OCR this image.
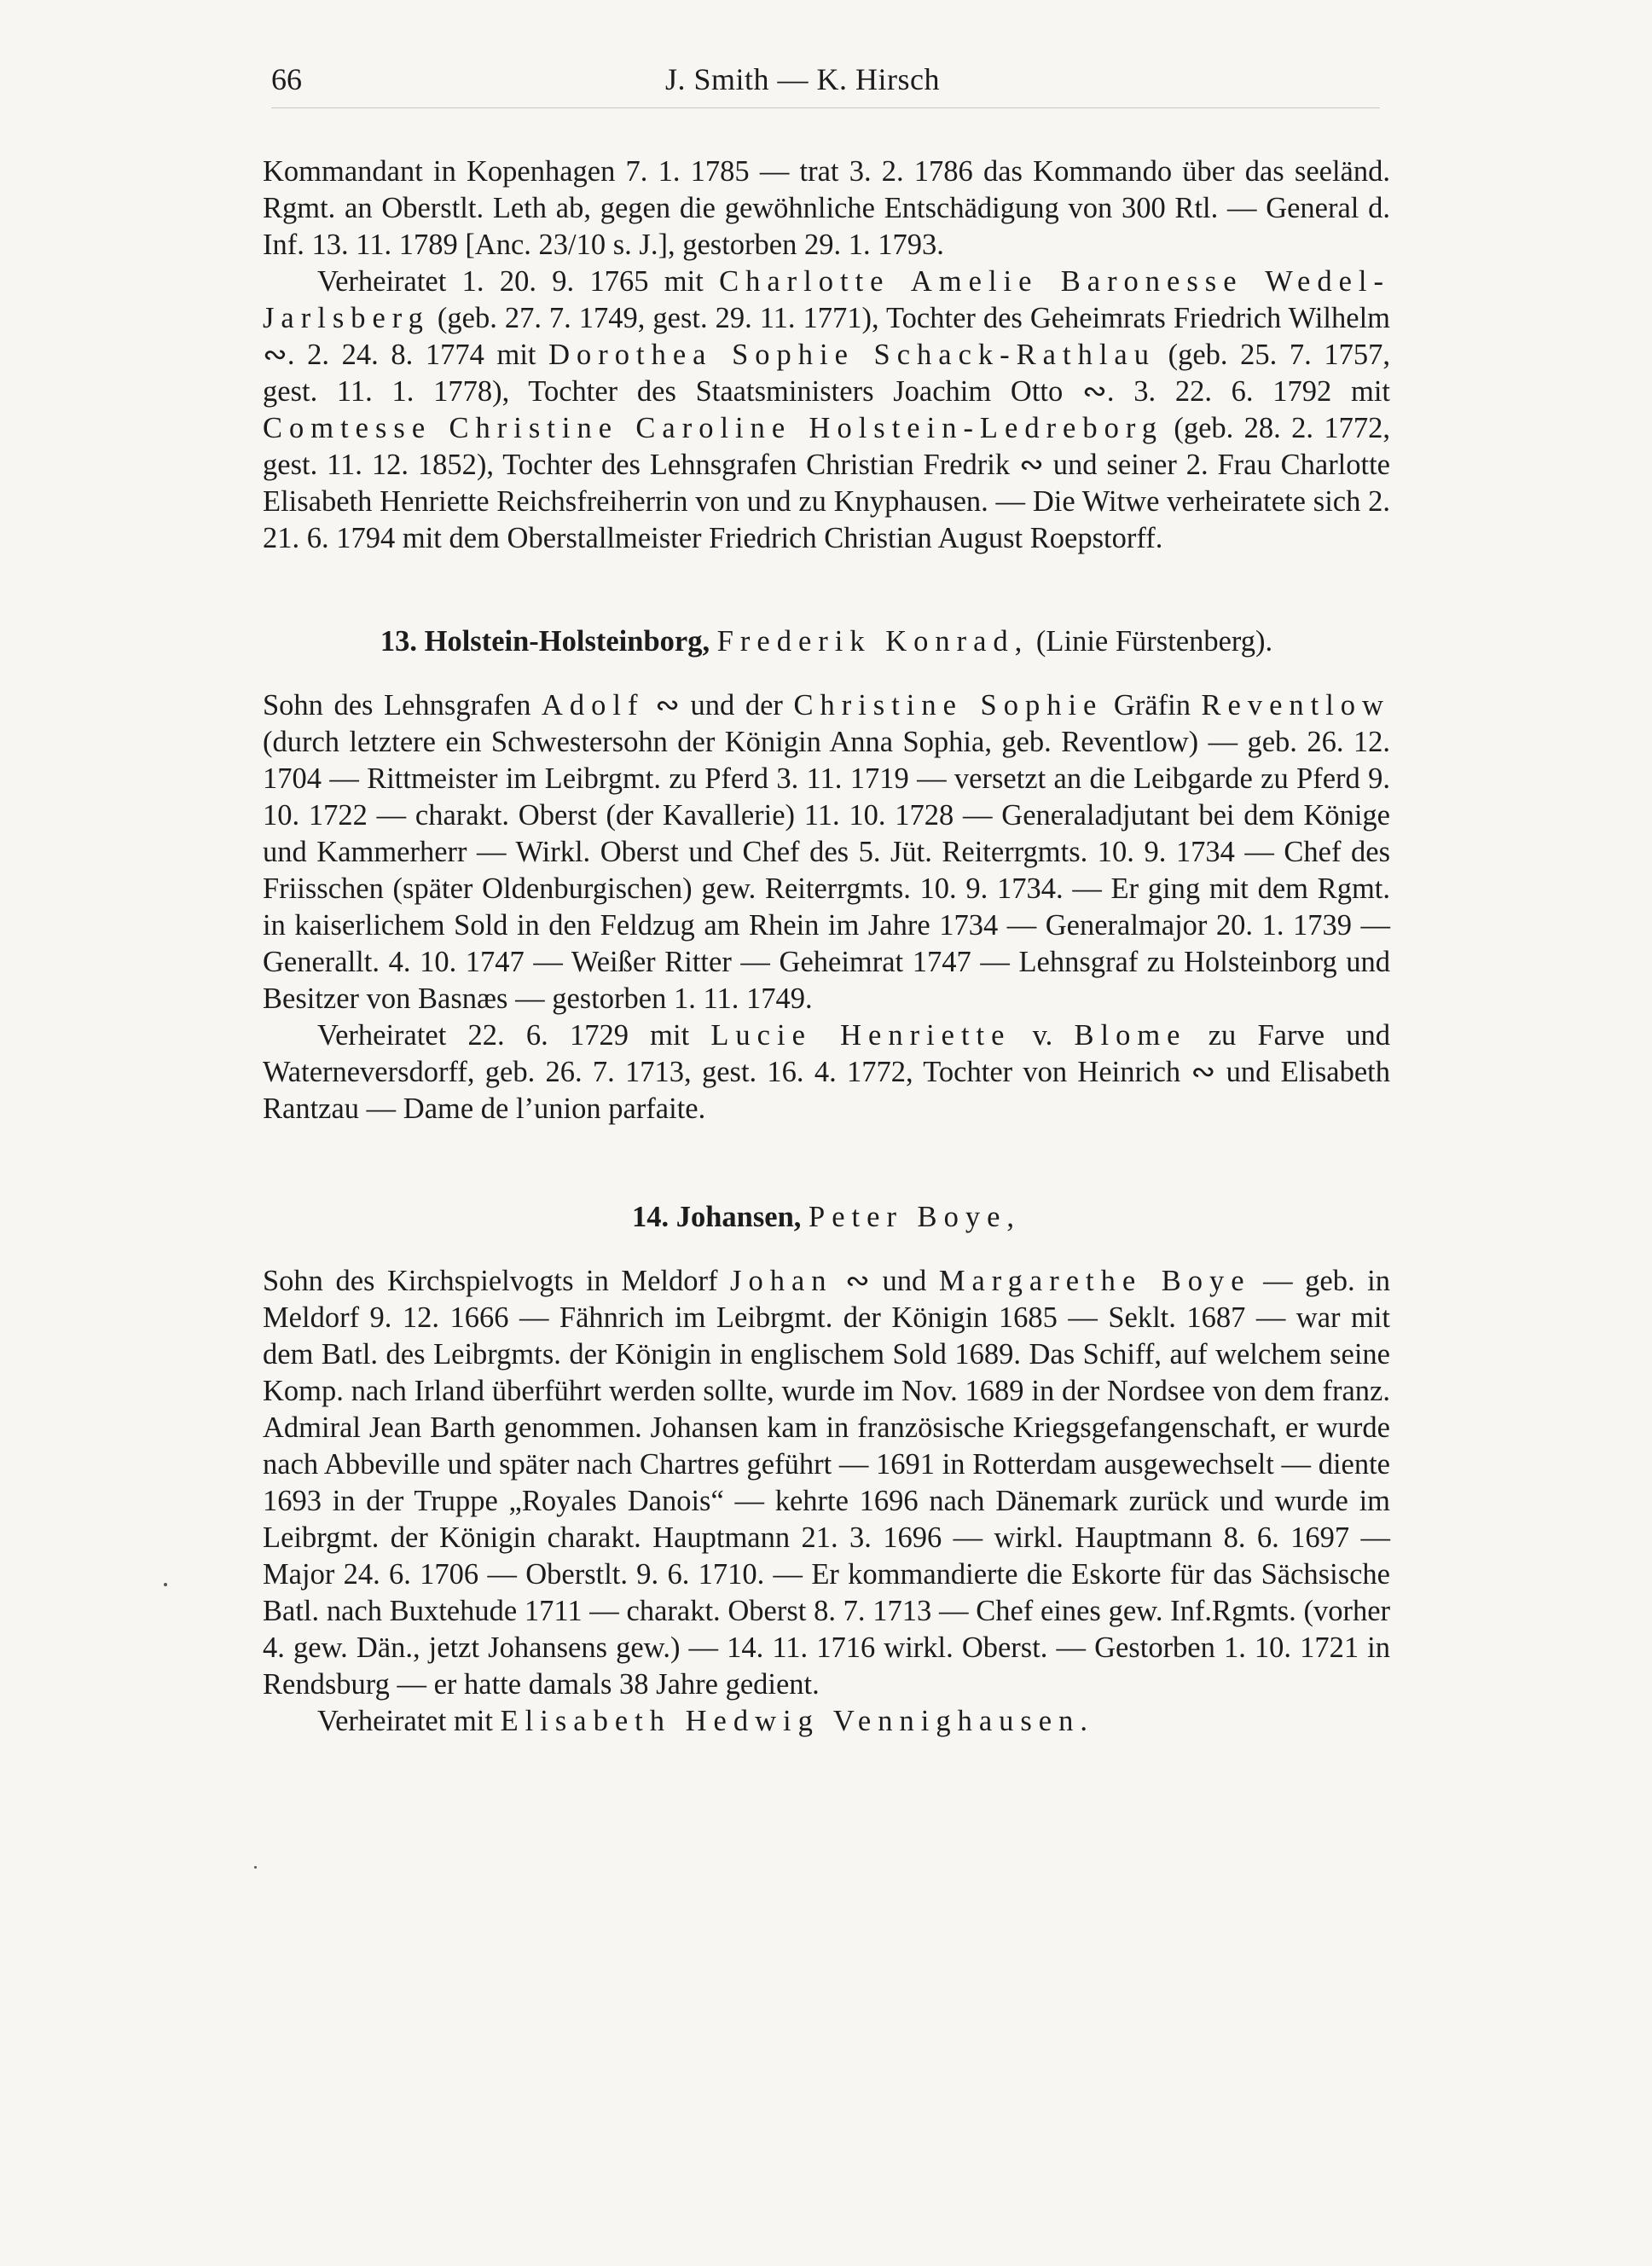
66	J. Smith — K. Hirsch

Kommandant in Kopenhagen 7. 1. 1785 — trat 3. 2. 1786 das Kommando über das seeländ. Rgmt. an Oberstlt. Leth ab, gegen die gewöhnliche Entschädigung von 300 Rtl. — General d. Inf. 13. 11. 1789 [Anc. 23/10 s. J.], gestorben 29. 1. 1793.

Verheiratet 1. 20. 9. 1765 mit Charlotte Amelie Baronesse Wedel-Jarlsberg (geb. 27. 7. 1749, gest. 29. 11. 1771), Tochter des Geheimrats Friedrich Wilhelm ∾. 2. 24. 8. 1774 mit Dorothea Sophie Schack-Rathlau (geb. 25. 7. 1757, gest. 11. 1. 1778), Tochter des Staatsministers Joachim Otto ∾. 3. 22. 6. 1792 mit Comtesse Christine Caroline Holstein-Ledreborg (geb. 28. 2. 1772, gest. 11. 12. 1852), Tochter des Lehnsgrafen Christian Fredrik ∾ und seiner 2. Frau Charlotte Elisabeth Henriette Reichsfreiherrin von und zu Knyphausen. — Die Witwe verheiratete sich 2. 21. 6. 1794 mit dem Oberstallmeister Friedrich Christian August Roepstorff.

13. Holstein-Holsteinborg, Frederik Konrad, (Linie Fürstenberg).

Sohn des Lehnsgrafen Adolf ∾ und der Christine Sophie Gräfin Reventlow (durch letztere ein Schwestersohn der Königin Anna Sophia, geb. Reventlow) — geb. 26. 12. 1704 — Rittmeister im Leibrgmt. zu Pferd 3. 11. 1719 — versetzt an die Leibgarde zu Pferd 9. 10. 1722 — charakt. Oberst (der Kavallerie) 11. 10. 1728 — Generaladjutant bei dem Könige und Kammerherr — Wirkl. Oberst und Chef des 5. Jüt. Reiterrgmts. 10. 9. 1734 — Chef des Friisschen (später Oldenburgischen) gew. Reiterrgmts. 10. 9. 1734. — Er ging mit dem Rgmt. in kaiserlichem Sold in den Feldzug am Rhein im Jahre 1734 — Generalmajor 20. 1. 1739 — Generallt. 4. 10. 1747 — Weißer Ritter — Geheimrat 1747 — Lehnsgraf zu Holsteinborg und Besitzer von Basnæs — gestorben 1. 11. 1749.

Verheiratet 22. 6. 1729 mit Lucie Henriette v. Blome zu Farve und Waterneversdorff, geb. 26. 7. 1713, gest. 16. 4. 1772, Tochter von Heinrich ∾ und Elisabeth Rantzau — Dame de l’union parfaite.

14. Johansen, Peter Boye,

Sohn des Kirchspielvogts in Meldorf Johan ∾ und Margarethe Boye — geb. in Meldorf 9. 12. 1666 — Fähnrich im Leibrgmt. der Königin 1685 — Seklt. 1687 — war mit dem Batl. des Leibrgmts. der Königin in englischem Sold 1689. Das Schiff, auf welchem seine Komp. nach Irland überführt werden sollte, wurde im Nov. 1689 in der Nordsee von dem franz. Admiral Jean Barth genommen. Johansen kam in französische Kriegsgefangenschaft, er wurde nach Abbeville und später nach Chartres geführt — 1691 in Rotterdam ausgewechselt — diente 1693 in der Truppe „Royales Danois“ — kehrte 1696 nach Dänemark zurück und wurde im Leibrgmt. der Königin charakt. Hauptmann 21. 3. 1696 — wirkl. Hauptmann 8. 6. 1697 — Major 24. 6. 1706 — Oberstlt. 9. 6. 1710. — Er kommandierte die Eskorte für das Sächsische Batl. nach Buxtehude 1711 — charakt. Oberst 8. 7. 1713 — Chef eines gew. Inf.Rgmts. (vorher 4. gew. Dän., jetzt Johansens gew.) — 14. 11. 1716 wirkl. Oberst. — Gestorben 1. 10. 1721 in Rendsburg — er hatte damals 38 Jahre gedient.

Verheiratet mit Elisabeth Hedwig Vennighausen.
